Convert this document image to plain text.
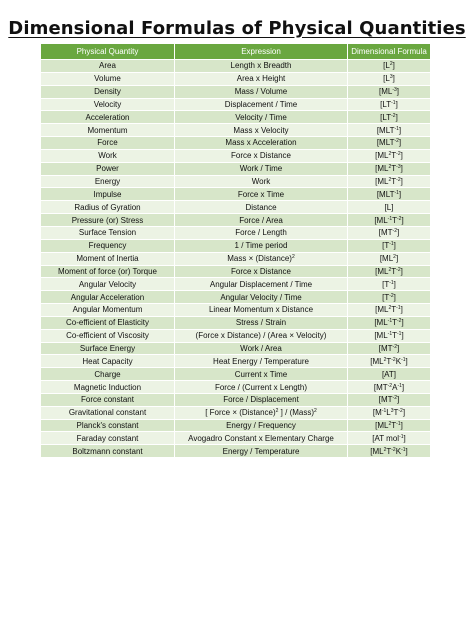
Dimensional Formulas of Physical Quantities
Physical Quantity	Expression	Dimensional Formula
Area	Length x Breadth	$[L^2]$
Volume	Area x Height	$[L^3]$
Density	Mass / Volume	$[ML^{-3}]$
Velocity	Displacement / Time	$[LT^{-1}]$
Acceleration	Velocity / Time	$[LT^{-2}]$
Momentum	Mass x Velocity	$[MLT^{-1}]$
Force	Mass x Acceleration	$[MLT^{-2}]$
Work	Force x Distance	$[ML^2T^{-2}]$
Power	Work / Time	$[ML^2T^{-3}]$
Energy	Work	$[ML^2T^{-2}]$
Impulse	Force x Time	$[MLT^{-1}]$
Radius of Gyration	Distance	[L]
Pressure (or) Stress	Force / Area	$[ML^{-1}T^{-2}]$
Surface Tension	Force / Length	$[MT^{-2}]$
Frequency	1 / Time period	$[T^{-1}]$
Moment of Inertia	Mass × (Distance)$^2$	$[ML^2]$
Moment of force (or) Torque	Force x Distance	$[ML^2T^{-2}]$
Angular Velocity	Angular Displacement / Time	$[T^{-1}]$
Angular Acceleration	Angular Velocity / Time	$[T^{-2}]$
Angular Momentum	Linear Momentum x Distance	$[ML^2T^{-1}]$
Co-efficient of Elasticity	Stress / Strain	$[ML^{-1}T^{-2}]$
Co-efficient of Viscosity	(Force x Distance) / (Area × Velocity)	$[ML^{-1}T^{-1}]$
Surface Energy	Work / Area	$[MT^{-2}]$
Heat Capacity	Heat Energy / Temperature	$[ML^2T^{-2}K^{-1}]$
Charge	Current x Time	[AT]
Magnetic Induction	Force / (Current x Length)	$[MT^{-2}A^{-1}]$
Force constant	Force / Displacement	$[MT^{-2}]$
Gravitational constant	[ Force × (Distance)$^2$ ] / (Mass)$^2$	$[M^{-1}L^3T^{-2}]$
Planck's constant	Energy / Frequency	$[ML^2T^{-1}]$
Faraday constant	Avogadro Constant x Elementary Charge	[AT mol$^{-1}$]
Boltzmann constant	Energy / Temperature	$[ML^2T^{-2}K^{-1}]$
